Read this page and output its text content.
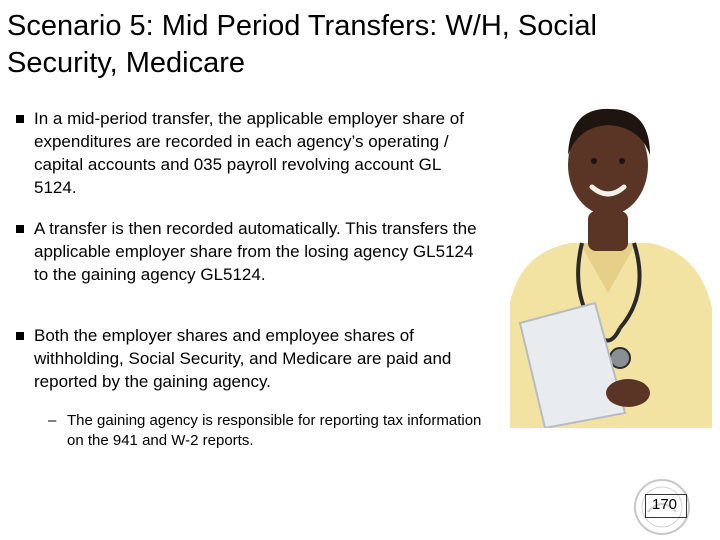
Scenario 5: Mid Period Transfers: W/H, Social Security, Medicare
In a mid-period transfer, the applicable employer share of expenditures are recorded in each agency’s operating / capital accounts and 035 payroll revolving account GL 5124.
A transfer is then recorded automatically. This transfers the applicable employer share from the losing agency GL5124 to the gaining agency GL5124.
Both the employer shares and employee shares of withholding, Social Security, and Medicare are paid and reported by the gaining agency.
– The gaining agency is responsible for reporting tax information on the 941 and W-2 reports.
170
